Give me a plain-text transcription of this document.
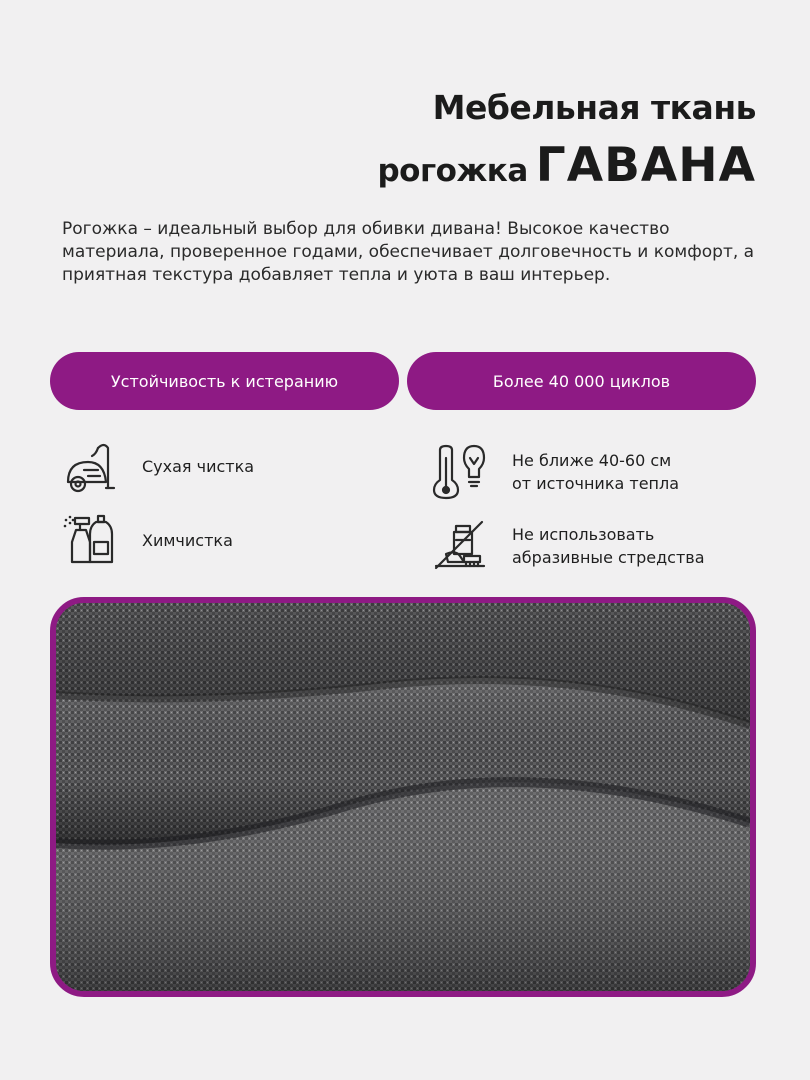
Мебельная ткань
рогожка ГАВАНА
Рогожка – идеальный выбор для обивки дивана! Высокое качество материала, проверенное годами, обеспечивает долговечность и комфорт, а приятная текстура добавляет тепла и уюта в ваш интерьер.
Устойчивость к истеранию	Более 40 000 циклов
Сухая чистка
Химчистка
Не ближе 40-60 см
от источника тепла
Не использовать
абразивные стредства
